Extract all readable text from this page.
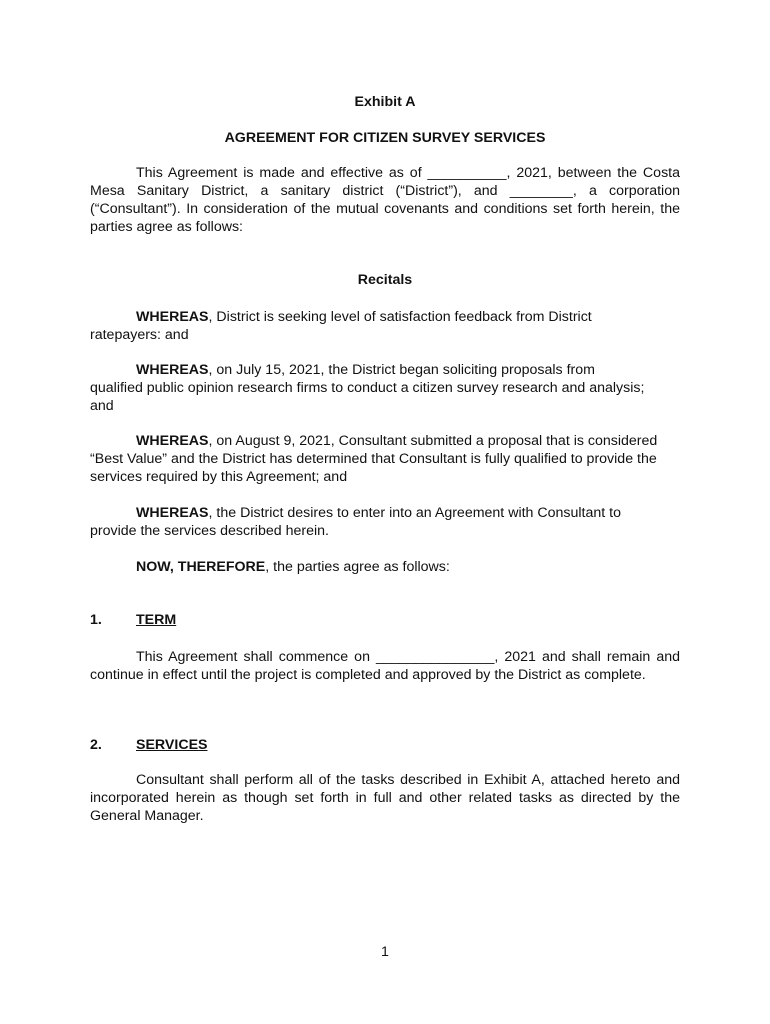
Exhibit A
AGREEMENT FOR CITIZEN SURVEY SERVICES
This Agreement is made and effective as of __________, 2021, between the Costa Mesa Sanitary District, a sanitary district (“District”), and ________, a corporation (“Consultant”). In consideration of the mutual covenants and conditions set forth herein, the parties agree as follows:
Recitals
WHEREAS, District is seeking level of satisfaction feedback from District ratepayers: and
WHEREAS, on July 15, 2021, the District began soliciting proposals from qualified public opinion research firms to conduct a citizen survey research and analysis; and
WHEREAS, on August 9, 2021, Consultant submitted a proposal that is considered “Best Value” and the District has determined that Consultant is fully qualified to provide the services required by this Agreement; and
WHEREAS, the District desires to enter into an Agreement with Consultant to provide the services described herein.
NOW, THEREFORE, the parties agree as follows:
1. TERM
This Agreement shall commence on _______________, 2021 and shall remain and continue in effect until the project is completed and approved by the District as complete.
2. SERVICES
Consultant shall perform all of the tasks described in Exhibit A, attached hereto and incorporated herein as though set forth in full and other related tasks as directed by the General Manager.
1
